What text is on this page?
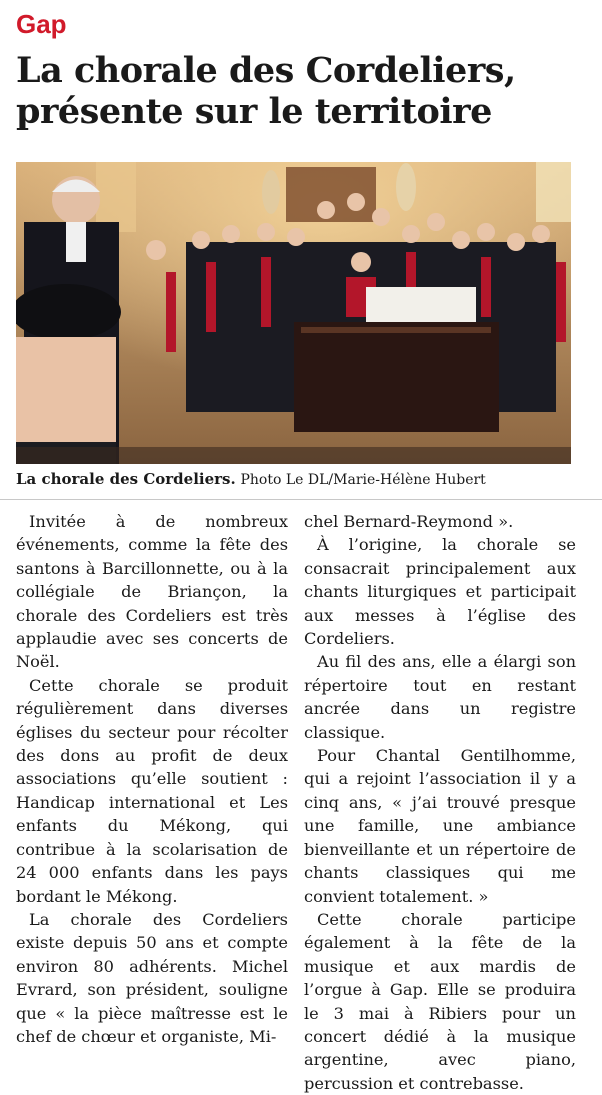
Gap
La chorale des Cordeliers, présente sur le territoire
La chorale des Cordeliers. Photo Le DL/Marie-Hélène Hubert

Invitée à de nombreux événements, comme la fête des santons à Barcillonnette, ou à la collégiale de Briançon, la chorale des Cordeliers est très applaudie avec ses concerts de Noël.

Cette chorale se produit régulièrement dans diverses églises du secteur pour récolter des dons au profit de deux associations qu’elle soutient : Handicap international et Les enfants du Mékong, qui contribue à la scolarisation de 24 000 enfants dans les pays bordant le Mékong.

La chorale des Cordeliers existe depuis 50 ans et compte environ 80 adhérents. Michel Evrard, son président, souligne que « la pièce maîtresse est le chef de chœur et organiste, Mi-

chel Bernard-Reymond ».

À l’origine, la chorale se consacrait principalement aux chants liturgiques et participait aux messes à l’église des Cordeliers.

Au fil des ans, elle a élargi son répertoire tout en restant ancrée dans un registre classique.

Pour Chantal Gentilhomme, qui a rejoint l’association il y a cinq ans, « j’ai trouvé presque une famille, une ambiance bienveillante et un répertoire de chants classiques qui me convient totalement. »

Cette chorale participe également à la fête de la musique et aux mardis de l’orgue à Gap. Elle se produira le 3 mai à Ribiers pour un concert dédié à la musique argentine, avec piano, percussion et contrebasse.
